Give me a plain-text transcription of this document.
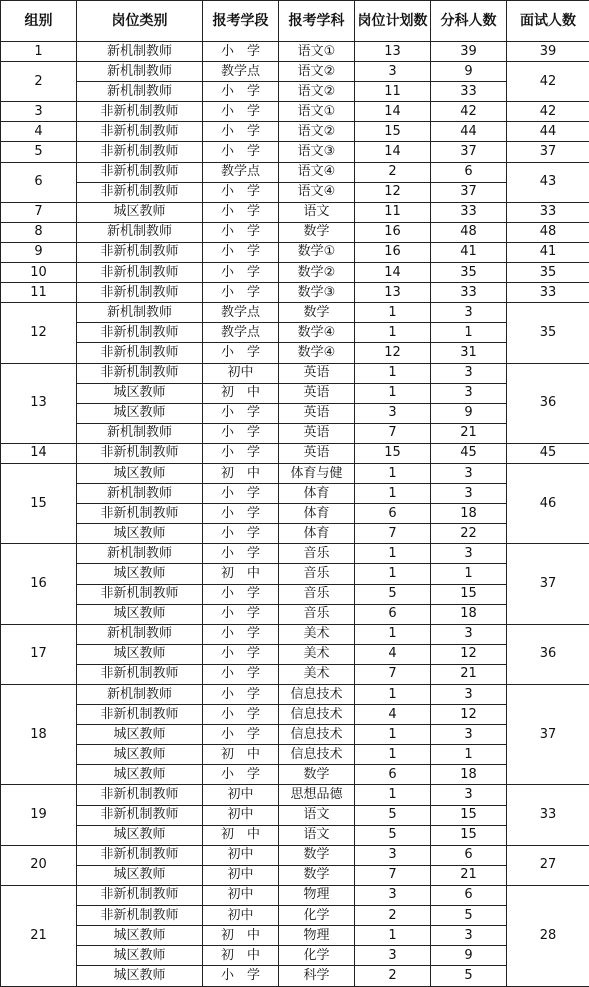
组别	岗位类别	报考学段	报考学科	岗位计划数	分科人数	面试人数
1	新机制教师	小　学	语文①	13	39	39
2	新机制教师	教学点	语文②	3	9	42
	新机制教师	小　学	语文②	11	33	
3	非新机制教师	小　学	语文①	14	42	42
4	非新机制教师	小　学	语文②	15	44	44
5	非新机制教师	小　学	语文③	14	37	37
6	非新机制教师	教学点	语文④	2	6	43
	非新机制教师	小　学	语文④	12	37	
7	城区教师	小　学	语文	11	33	33
8	新机制教师	小　学	数学	16	48	48
9	非新机制教师	小　学	数学①	16	41	41
10	非新机制教师	小　学	数学②	14	35	35
11	非新机制教师	小　学	数学③	13	33	33
12	新机制教师	教学点	数学	1	3	35
	非新机制教师	教学点	数学④	1	1	
	非新机制教师	小　学	数学④	12	31	
13	非新机制教师	初中	英语	1	3	36
	城区教师	初　中	英语	1	3	
	城区教师	小　学	英语	3	9	
	新机制教师	小　学	英语	7	21	
14	非新机制教师	小　学	英语	15	45	45
15	城区教师	初　中	体育与健	1	3	46
	新机制教师	小　学	体育	1	3	
	非新机制教师	小　学	体育	6	18	
	城区教师	小　学	体育	7	22	
16	新机制教师	小　学	音乐	1	3	37
	城区教师	初　中	音乐	1	1	
	非新机制教师	小　学	音乐	5	15	
	城区教师	小　学	音乐	6	18	
17	新机制教师	小　学	美术	1	3	36
	城区教师	小　学	美术	4	12	
	非新机制教师	小　学	美术	7	21	
18	新机制教师	小　学	信息技术	1	3	37
	非新机制教师	小　学	信息技术	4	12	
	城区教师	小　学	信息技术	1	3	
	城区教师	初　中	信息技术	1	1	
	城区教师	小　学	数学	6	18	
19	非新机制教师	初中	思想品德	1	3	33
	非新机制教师	初中	语文	5	15	
	城区教师	初　中	语文	5	15	
20	非新机制教师	初中	数学	3	6	27
	城区教师	初中	数学	7	21	
21	非新机制教师	初中	物理	3	6	28
	非新机制教师	初中	化学	2	5	
	城区教师	初　中	物理	1	3	
	城区教师	初　中	化学	3	9	
	城区教师	小　学	科学	2	5	
